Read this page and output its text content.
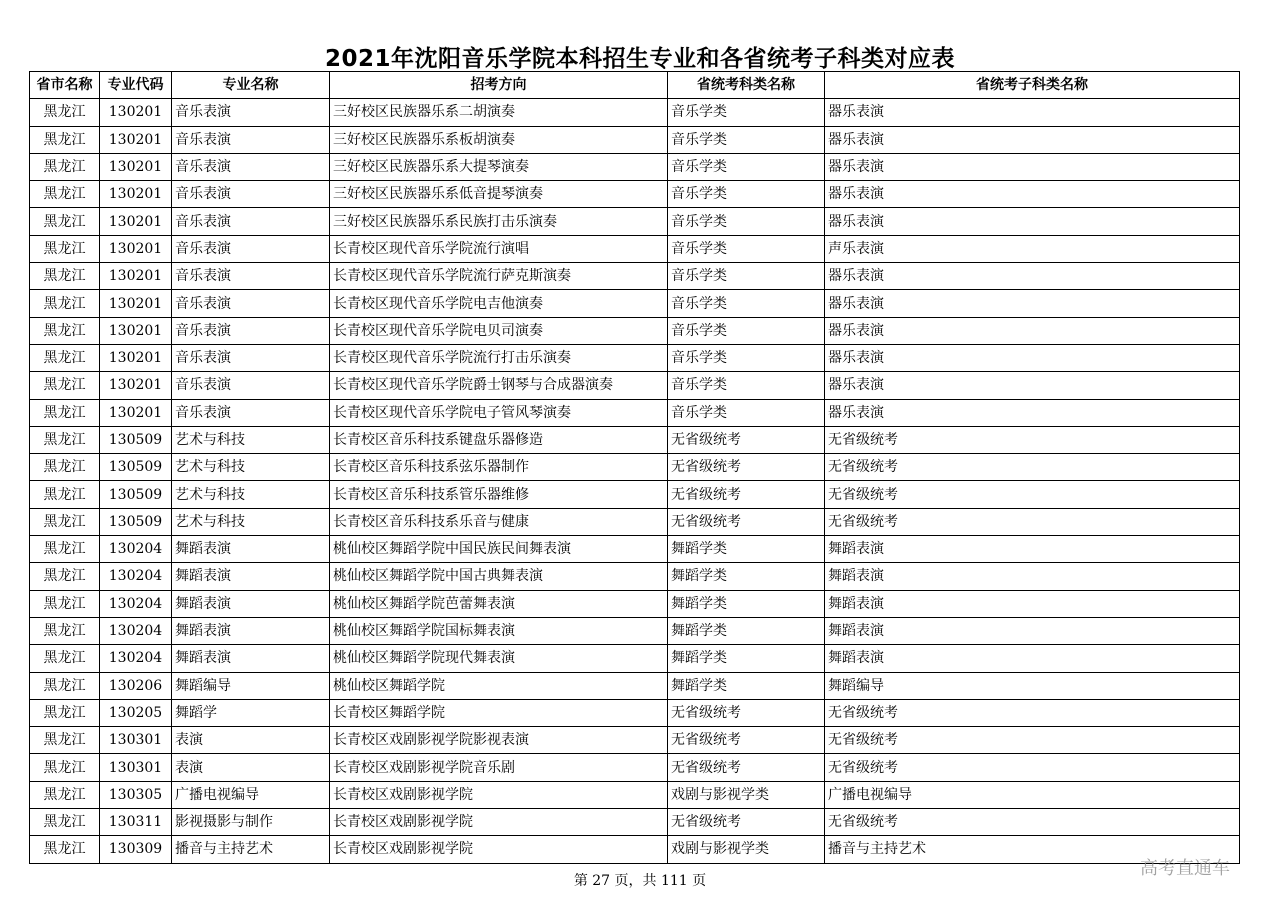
2021年沈阳音乐学院本科招生专业和各省统考子科类对应表
省市名称	专业代码	专业名称	招考方向	省统考科类名称	省统考子科类名称
黑龙江	130201	音乐表演	三好校区民族器乐系二胡演奏	音乐学类	器乐表演
黑龙江	130201	音乐表演	三好校区民族器乐系板胡演奏	音乐学类	器乐表演
黑龙江	130201	音乐表演	三好校区民族器乐系大提琴演奏	音乐学类	器乐表演
黑龙江	130201	音乐表演	三好校区民族器乐系低音提琴演奏	音乐学类	器乐表演
黑龙江	130201	音乐表演	三好校区民族器乐系民族打击乐演奏	音乐学类	器乐表演
黑龙江	130201	音乐表演	长青校区现代音乐学院流行演唱	音乐学类	声乐表演
黑龙江	130201	音乐表演	长青校区现代音乐学院流行萨克斯演奏	音乐学类	器乐表演
黑龙江	130201	音乐表演	长青校区现代音乐学院电吉他演奏	音乐学类	器乐表演
黑龙江	130201	音乐表演	长青校区现代音乐学院电贝司演奏	音乐学类	器乐表演
黑龙江	130201	音乐表演	长青校区现代音乐学院流行打击乐演奏	音乐学类	器乐表演
黑龙江	130201	音乐表演	长青校区现代音乐学院爵士钢琴与合成器演奏	音乐学类	器乐表演
黑龙江	130201	音乐表演	长青校区现代音乐学院电子管风琴演奏	音乐学类	器乐表演
黑龙江	130509	艺术与科技	长青校区音乐科技系键盘乐器修造	无省级统考	无省级统考
黑龙江	130509	艺术与科技	长青校区音乐科技系弦乐器制作	无省级统考	无省级统考
黑龙江	130509	艺术与科技	长青校区音乐科技系管乐器维修	无省级统考	无省级统考
黑龙江	130509	艺术与科技	长青校区音乐科技系乐音与健康	无省级统考	无省级统考
黑龙江	130204	舞蹈表演	桃仙校区舞蹈学院中国民族民间舞表演	舞蹈学类	舞蹈表演
黑龙江	130204	舞蹈表演	桃仙校区舞蹈学院中国古典舞表演	舞蹈学类	舞蹈表演
黑龙江	130204	舞蹈表演	桃仙校区舞蹈学院芭蕾舞表演	舞蹈学类	舞蹈表演
黑龙江	130204	舞蹈表演	桃仙校区舞蹈学院国标舞表演	舞蹈学类	舞蹈表演
黑龙江	130204	舞蹈表演	桃仙校区舞蹈学院现代舞表演	舞蹈学类	舞蹈表演
黑龙江	130206	舞蹈编导	桃仙校区舞蹈学院	舞蹈学类	舞蹈编导
黑龙江	130205	舞蹈学	长青校区舞蹈学院	无省级统考	无省级统考
黑龙江	130301	表演	长青校区戏剧影视学院影视表演	无省级统考	无省级统考
黑龙江	130301	表演	长青校区戏剧影视学院音乐剧	无省级统考	无省级统考
黑龙江	130305	广播电视编导	长青校区戏剧影视学院	戏剧与影视学类	广播电视编导
黑龙江	130311	影视摄影与制作	长青校区戏剧影视学院	无省级统考	无省级统考
黑龙江	130309	播音与主持艺术	长青校区戏剧影视学院	戏剧与影视学类	播音与主持艺术
第 27 页，共 111 页
高考直通车
